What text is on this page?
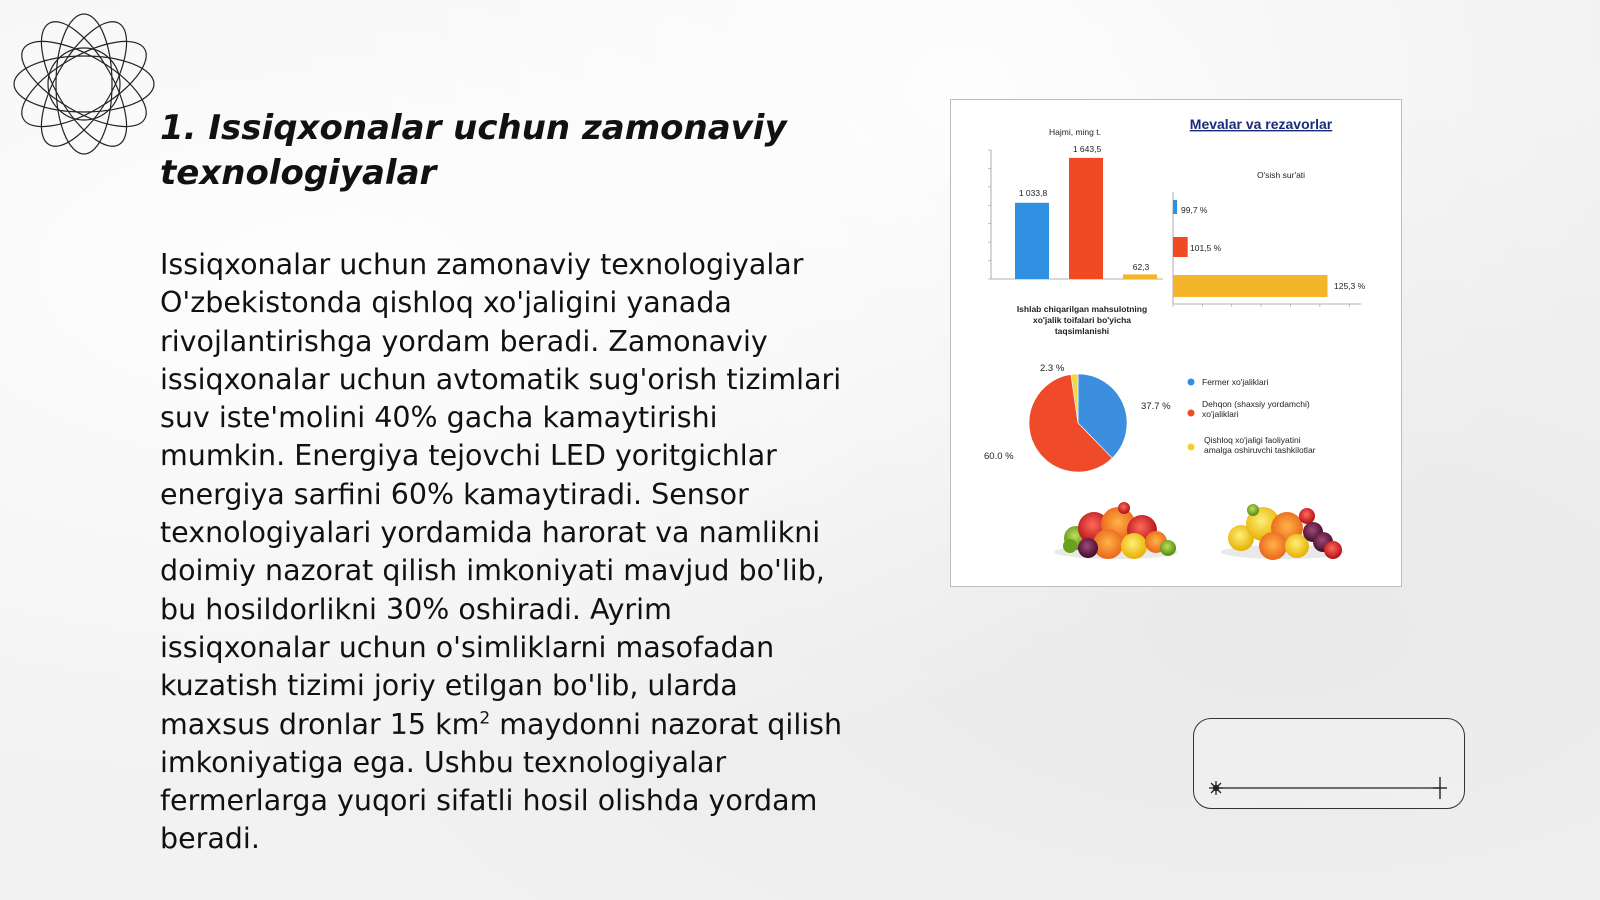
1. Issiqxonalar uchun zamonaviy texnologiyalar

Issiqxonalar uchun zamonaviy texnologiyalar O'zbekistonda qishloq xo'jaligini yanada rivojlantirishga yordam beradi. Zamonaviy issiqxonalar uchun avtomatik sug'orish tizimlari suv iste'molini 40% gacha kamaytirishi mumkin. Energiya tejovchi LED yoritgichlar energiya sarfini 60% kamaytiradi. Sensor texnologiyalari yordamida harorat va namlikni doimiy nazorat qilish imkoniyati mavjud bo'lib, bu hosildorlikni 30% oshiradi. Ayrim issiqxonalar uchun o'simliklarni masofadan kuzatish tizimi joriy etilgan bo'lib, ularda maxsus dronlar 15 $km^2$ maydonni nazorat qilish imkoniyatiga ega. Ushbu texnologiyalar fermerlarga yuqori sifatli hosil olishda yordam beradi.

Mevalar va rezavorlar
Hajmi, ming t.
1 033,8
1 643,5
62,3
Ishlab chiqarilgan mahsulotning
xo'jalik toifalari bo'yicha
taqsimlanishi
O'sish sur'ati
99,7 %
101,5 %
125,3 %
37.7 %
60.0 %
2.3 %
Fermer xo'jaliklari
Dehqon (shaxsiy yordamchi)
xo'jaliklari
Qishloq xo'jaligi faoliyatini
amalga oshiruvchi tashkilotlar
